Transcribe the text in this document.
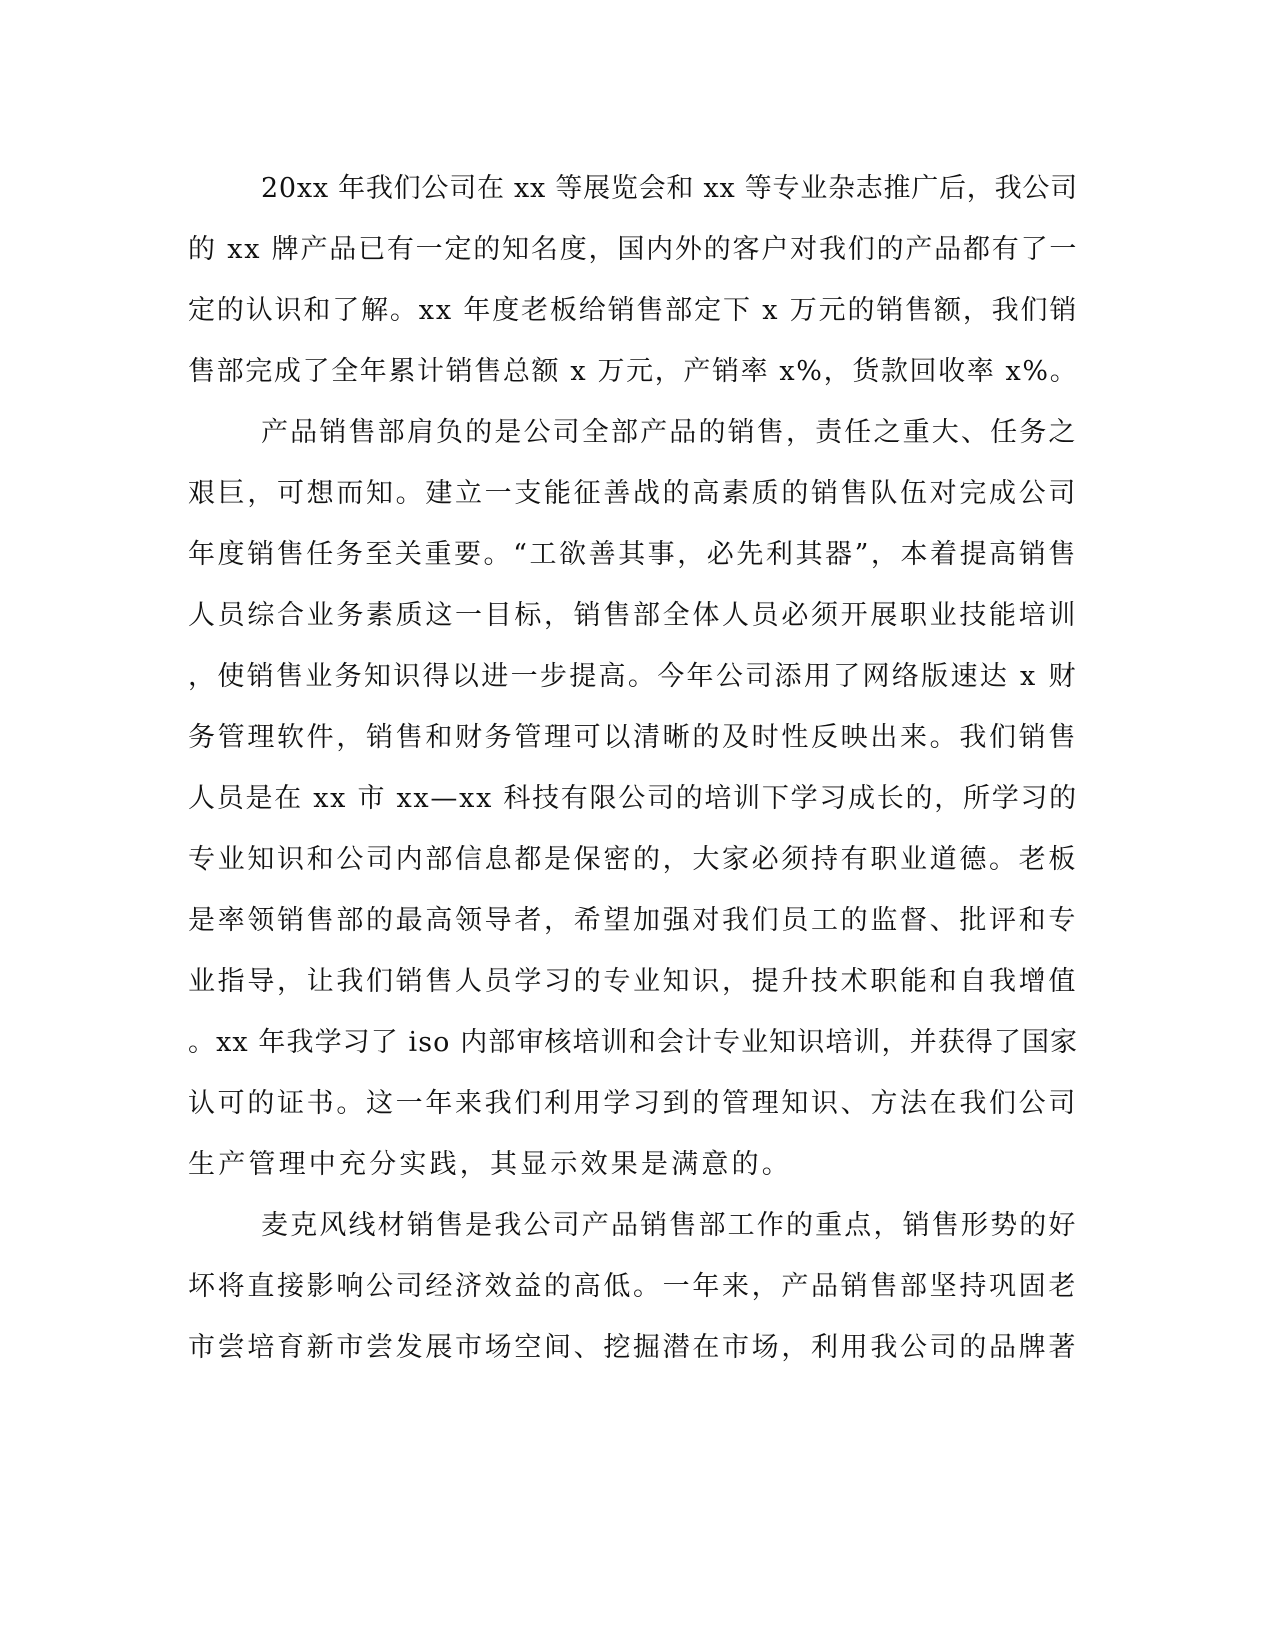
20xx 年我们公司在 xx 等展览会和 xx 等专业杂志推广后，我公司
的 xx 牌产品已有一定的知名度，国内外的客户对我们的产品都有了一
定的认识和了解。xx 年度老板给销售部定下 x 万元的销售额，我们销
售部完成了全年累计销售总额 x 万元，产销率 x%，货款回收率 x%。
产品销售部肩负的是公司全部产品的销售，责任之重大、任务之
艰巨，可想而知。建立一支能征善战的高素质的销售队伍对完成公司
年度销售任务至关重要。“工欲善其事，必先利其器”，本着提高销售
人员综合业务素质这一目标，销售部全体人员必须开展职业技能培训
，使销售业务知识得以进一步提高。今年公司添用了网络版速达 x 财
务管理软件，销售和财务管理可以清晰的及时性反映出来。我们销售
人员是在 xx 市 xx—xx 科技有限公司的培训下学习成长的，所学习的
专业知识和公司内部信息都是保密的，大家必须持有职业道德。老板
是率领销售部的最高领导者，希望加强对我们员工的监督、批评和专
业指导，让我们销售人员学习的专业知识，提升技术职能和自我增值
。xx 年我学习了 iso 内部审核培训和会计专业知识培训，并获得了国家
认可的证书。这一年来我们利用学习到的管理知识、方法在我们公司
生产管理中充分实践，其显示效果是满意的。
麦克风线材销售是我公司产品销售部工作的重点，销售形势的好
坏将直接影响公司经济效益的高低。一年来，产品销售部坚持巩固老
市尝培育新市尝发展市场空间、挖掘潜在市场，利用我公司的品牌著
